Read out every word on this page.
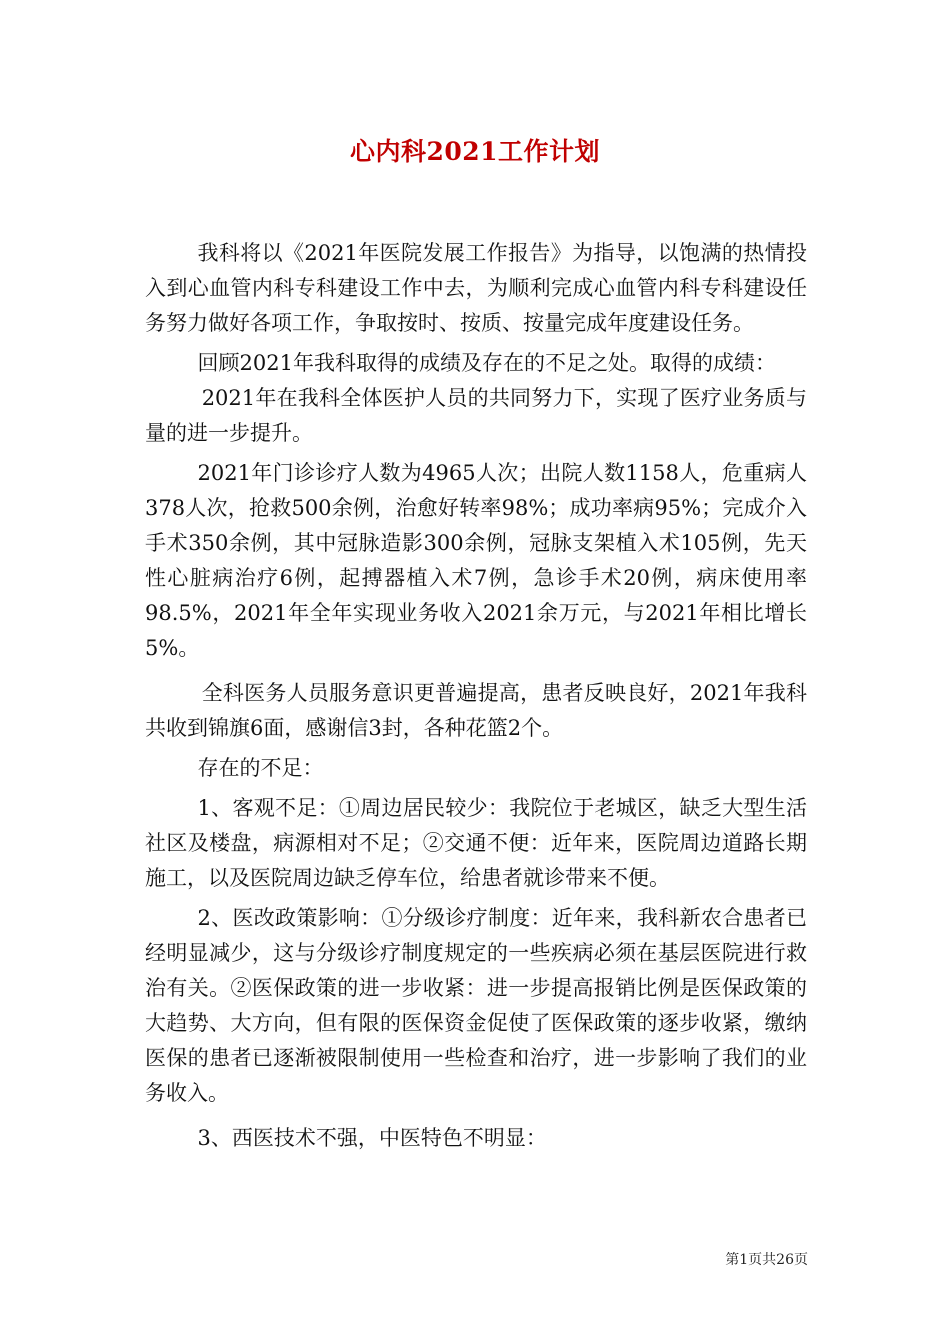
心内科2021工作计划

我科将以《2021年医院发展工作报告》为指导，以饱满的热情投入到心血管内科专科建设工作中去，为顺利完成心血管内科专科建设任务努力做好各项工作，争取按时、按质、按量完成年度建设任务。

回顾2021年我科取得的成绩及存在的不足之处。取得的成绩：

2021年在我科全体医护人员的共同努力下，实现了医疗业务质与量的进一步提升。

2021年门诊诊疗人数为4965人次；出院人数1158人，危重病人378人次，抢救500余例，治愈好转率98%；成功率病95%；完成介入手术350余例，其中冠脉造影300余例，冠脉支架植入术105例，先天性心脏病治疗6例，起搏器植入术7例，急诊手术20例，病床使用率98.5%，2021年全年实现业务收入2021余万元，与2021年相比增长5%。

全科医务人员服务意识更普遍提高，患者反映良好，2021年我科共收到锦旗6面，感谢信3封，各种花篮2个。

存在的不足：

1、客观不足：①周边居民较少：我院位于老城区，缺乏大型生活社区及楼盘，病源相对不足；②交通不便：近年来，医院周边道路长期施工，以及医院周边缺乏停车位，给患者就诊带来不便。

2、医改政策影响：①分级诊疗制度：近年来，我科新农合患者已经明显减少，这与分级诊疗制度规定的一些疾病必须在基层医院进行救治有关。②医保政策的进一步收紧：进一步提高报销比例是医保政策的大趋势、大方向，但有限的医保资金促使了医保政策的逐步收紧，缴纳医保的患者已逐渐被限制使用一些检查和治疗，进一步影响了我们的业务收入。

3、西医技术不强，中医特色不明显：

第1页共26页
